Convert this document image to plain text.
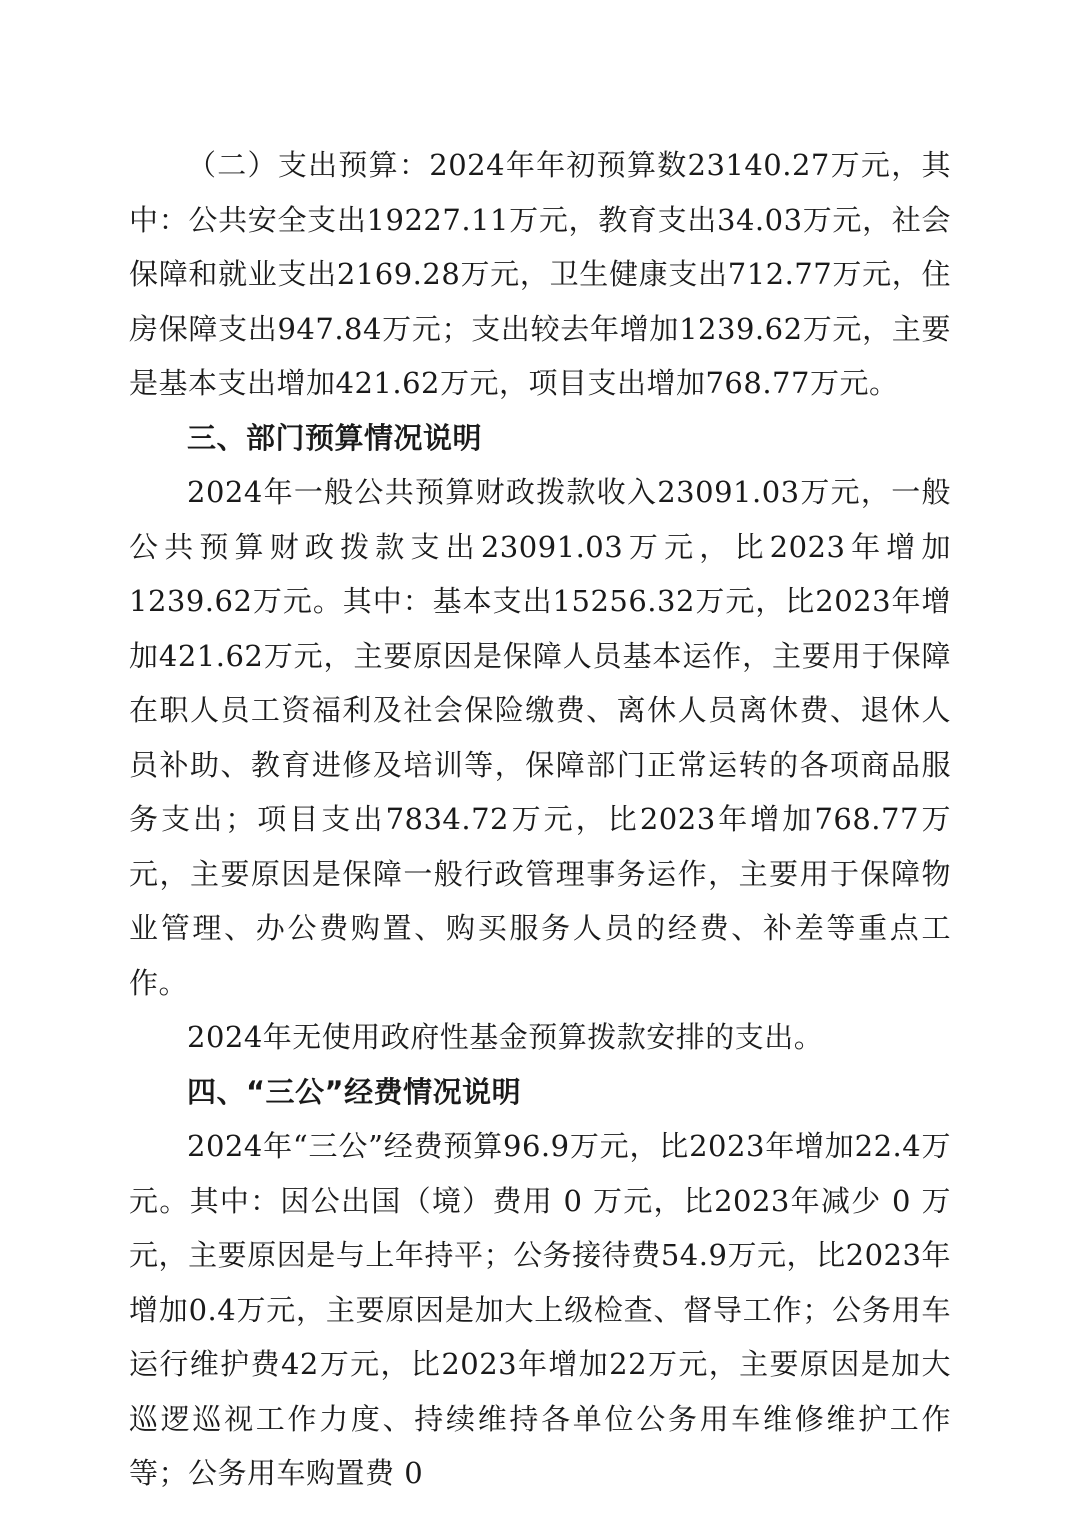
（二）支出预算：2024年年初预算数23140.27万元，其中：公共安全支出19227.11万元，教育支出34.03万元，社会保障和就业支出2169.28万元，卫生健康支出712.77万元，住房保障支出947.84万元；支出较去年增加1239.62万元，主要是基本支出增加421.62万元，项目支出增加768.77万元。

三、部门预算情况说明

2024年一般公共预算财政拨款收入23091.03万元，一般公共预算财政拨款支出23091.03万元，比2023年增加1239.62万元。其中：基本支出15256.32万元，比2023年增加421.62万元，主要原因是保障人员基本运作，主要用于保障在职人员工资福利及社会保险缴费、离休人员离休费、退休人员补助、教育进修及培训等，保障部门正常运转的各项商品服务支出；项目支出7834.72万元，比2023年增加768.77万元，主要原因是保障一般行政管理事务运作，主要用于保障物业管理、办公费购置、购买服务人员的经费、补差等重点工作。

2024年无使用政府性基金预算拨款安排的支出。

四、“三公”经费情况说明

2024年“三公”经费预算96.9万元，比2023年增加22.4万元。其中：因公出国（境）费用 0 万元，比2023年减少 0 万元，主要原因是与上年持平；公务接待费54.9万元，比2023年增加0.4万元，主要原因是加大上级检查、督导工作；公务用车运行维护费42万元，比2023年增加22万元，主要原因是加大巡逻巡视工作力度、持续维持各单位公务用车维修维护工作等；公务用车购置费 0
